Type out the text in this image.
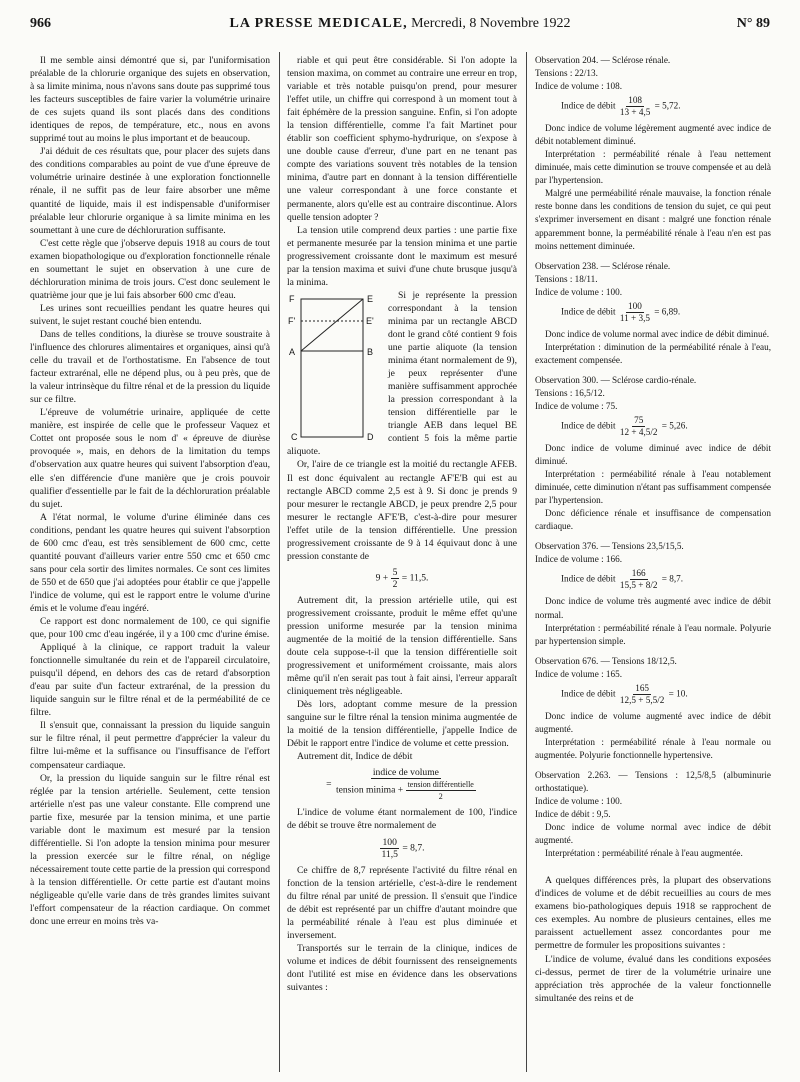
966	LA PRESSE MEDICALE, Mercredi, 8 Novembre 1922	N° 89

Il me semble ainsi démontré que si, par l'uniformisation préalable de la chlorurie organique des sujets en observation, à sa limite minima, nous n'avons sans doute pas supprimé tous les facteurs susceptibles de faire varier la volumétrie urinaire de ces sujets quand ils sont placés dans des conditions identiques de repos, de température, etc., nous en avons supprimé tout au moins le plus important et de beaucoup.

J'ai déduit de ces résultats que, pour placer des sujets dans des conditions comparables au point de vue d'une épreuve de volumétrie urinaire destinée à une exploration fonctionnelle rénale, il ne suffit pas de leur faire absorber une même quantité de liquide, mais il est indispensable d'uniformiser préalable leur chlorurie organique à sa limite minima en les soumettant à une cure de déchloruration suffisante.

C'est cette règle que j'observe depuis 1918 au cours de tout examen biopathologique ou d'exploration fonctionnelle rénale en soumettant le sujet en observation à une cure de déchloruration minima de trois jours. C'est donc seulement le quatrième jour que je lui fais absorber 600 cmc d'eau.

Les urines sont recueillies pendant les quatre heures qui suivent, le sujet restant couché bien entendu.

Dans de telles conditions, la diurèse se trouve soustraite à l'influence des chlorures alimentaires et organiques, ainsi qu'à celle du travail et de l'orthostatisme. En l'absence de tout facteur extrarénal, elle ne dépend plus, ou à peu près, que de la valeur intrinsèque du filtre rénal et de la pression du liquide sur ce filtre.

L'épreuve de volumétrie urinaire, appliquée de cette manière, est inspirée de celle que le professeur Vaquez et Cottet ont proposée sous le nom d' « épreuve de diurèse provoquée », mais, en dehors de la limitation du temps d'observation aux quatre heures qui suivent l'absorption d'eau, elle s'en différencie d'une manière que je crois pouvoir qualifier d'essentielle par le fait de la déchloruration préalable du sujet.

A l'état normal, le volume d'urine éliminée dans ces conditions, pendant les quatre heures qui suivent l'absorption de 600 cmc d'eau, est très sensiblement de 600 cmc, cette quantité pouvant d'ailleurs varier entre 550 cmc et 650 cmc sans pour cela sortir des limites normales. Ce sont ces limites de 550 et de 650 que j'ai adoptées pour établir ce que j'appelle l'indice de volume, qui est le rapport entre le volume d'urine émis et le volume d'eau ingéré.

Ce rapport est donc normalement de 100, ce qui signifie que, pour 100 cmc d'eau ingérée, il y a 100 cmc d'urine émise.

Appliqué à la clinique, ce rapport traduit la valeur fonctionnelle simultanée du rein et de l'appareil circulatoire, puisqu'il dépend, en dehors des cas de retard d'absorption d'eau par suite d'un facteur extrarénal, de la pression du liquide sanguin sur le filtre rénal et de la perméabilité de ce filtre.

Il s'ensuit que, connaissant la pression du liquide sanguin sur le filtre rénal, il peut permettre d'apprécier la valeur du filtre lui-même et la suffisance ou l'insuffisance de l'effort compensateur cardiaque.

Or, la pression du liquide sanguin sur le filtre rénal est réglée par la tension artérielle. Seulement, cette tension artérielle n'est pas une valeur constante. Elle comprend une partie fixe, mesurée par la tension minima, et une partie variable dont le maximum est mesuré par la tension différentielle. Si l'on adopte la tension minima pour mesurer la pression exercée sur le filtre rénal, on néglige nécessairement toute cette partie de la pression qui correspond à la tension différentielle. Or cette partie est d'autant moins négligeable qu'elle varie dans de très grandes limites suivant l'effort compensateur de la réaction cardiaque. On commet donc une erreur en moins très va-

riable et qui peut être considérable. Si l'on adopte la tension maxima, on commet au contraire une erreur en trop, variable et très notable puisqu'on prend, pour mesurer l'effet utile, un chiffre qui correspond à un moment tout à fait éphémère de la pression sanguine. Enfin, si l'on adopte la tension différentielle, comme l'a fait Martinet pour établir son coefficient sphymo-hydrurique, on s'expose à une double cause d'erreur, d'une part en ne tenant pas compte des variations souvent très notables de la tension minima, d'autre part en donnant à la tension différentielle une valeur correspondant à une force constante et permanente, alors qu'elle est au contraire discontinue. Alors quelle tension adopter ?

La tension utile comprend deux parties : une partie fixe et permanente mesurée par la tension minima et une partie progressivement croissante dont le maximum est mesuré par la tension maxima et suivi d'une chute brusque jusqu'à la minima.

F	E
F'	E'
A	B
C	D

Si je représente la pression correspondant à la tension minima par un rectangle ABCD dont le grand côté contient 9 fois une partie aliquote (la tension minima étant normalement de 9), je peux représenter d'une manière suffisamment approchée la pression correspondant à la tension différentielle par le triangle AEB dans lequel BE contient 5 fois la même partie aliquote.

Or, l'aire de ce triangle est la moitié du rectangle AFEB. Il est donc équivalent au rectangle AF'E'B qui est au rectangle ABCD comme 2,5 est à 9. Si donc je prends 9 pour mesurer le rectangle ABCD, je peux prendre 2,5 pour mesurer le rectangle AF'E'B, c'est-à-dire pour mesurer l'effet utile de la tension différentielle. Une pression progressivement croissante de 9 à 14 équivaut donc à une pression constante de

$9 + \frac{5}{2} = 11,5$.

Autrement dit, la pression artérielle utile, qui est progressivement croissante, produit le même effet qu'une pression uniforme mesurée par la tension minima augmentée de la moitié de la tension différentielle. Sans doute cela suppose-t-il que la tension différentielle soit progressivement et uniformément croissante, mais alors même qu'il n'en serait pas tout à fait ainsi, l'erreur apparaît cliniquement très négligeable.

Dès lors, adoptant comme mesure de la pression sanguine sur le filtre rénal la tension minima augmentée de la moitié de la tension différentielle, j'appelle Indice de Débit le rapport entre l'indice de volume et cette pression.

Autrement dit, Indice de débit

= $\frac{\text{indice de volume}}{tension minima + \frac{\text{tension différentielle}}{2}}$

L'indice de volume étant normalement de 100, l'indice de débit se trouve être normalement de

$\frac{100}{11,5} = 8,7$.

Ce chiffre de 8,7 représente l'activité du filtre rénal en fonction de la tension artérielle, c'est-à-dire le rendement du filtre rénal par unité de pression. Il s'ensuit que l'indice de débit est représenté par un chiffre d'autant moindre que la perméabilité rénale à l'eau est plus diminuée et inversement.

Transportés sur le terrain de la clinique, indices de volume et indices de débit fournissent des renseignements dont l'utilité est mise en évidence dans les observations suivantes :

Observation 204. — Sclérose rénale.

Tensions : 22/13.

Indice de volume : 108.

Indice de débit $\frac{108}{13 + 4,5} = 5,72$.

Donc indice de volume légèrement augmenté avec indice de débit notablement diminué.

Interprétation : perméabilité rénale à l'eau nettement diminuée, mais cette diminution se trouve compensée et au delà par l'hypertension.

Malgré une perméabilité rénale mauvaise, la fonction rénale reste bonne dans les conditions de tension du sujet, ce qui peut s'exprimer inversement en disant : malgré une fonction rénale apparemment bonne, la perméabilité rénale à l'eau n'en est pas moins nettement diminuée.

Observation 238. — Sclérose rénale.

Tensions : 18/11.

Indice de volume : 100.

Indice de débit $\frac{100}{11 + 3,5} = 6,89$.

Donc indice de volume normal avec indice de débit diminué.

Interprétation : diminution de la perméabilité rénale à l'eau, exactement compensée.

Observation 300. — Sclérose cardio-rénale.

Tensions : 16,5/12.

Indice de volume : 75.

Indice de débit $\frac{75}{12 + 4,5/2} = 5,26$.

Donc indice de volume diminué avec indice de débit diminué.

Interprétation : perméabilité rénale à l'eau notablement diminuée, cette diminution n'étant pas suffisamment compensée par l'hypertension.

Donc déficience rénale et insuffisance de compensation cardiaque.

Observation 376. — Tensions 23,5/15,5.

Indice de volume : 166.

Indice de débit $\frac{166}{15,5 + 8/2} = 8,7$.

Donc indice de volume très augmenté avec indice de débit normal.

Interprétation : perméabilité rénale à l'eau normale. Polyurie par hypertension simple.

Observation 676. — Tensions 18/12,5.

Indice de volume : 165.

Indice de débit $\frac{165}{12,5 + 5,5/2} = 10$.

Donc indice de volume augmenté avec indice de débit augmenté.

Interprétation : perméabilité rénale à l'eau normale ou augmentée. Polyurie fonctionnelle hypertensive.

Observation 2.263. — Tensions : 12,5/8,5 (albuminurie orthostatique).

Indice de volume : 100.

Indice de débit : 9,5.

Donc indice de volume normal avec indice de débit augmenté.

Interprétation : perméabilité rénale à l'eau augmentée.

A quelques différences près, la plupart des observations d'indices de volume et de débit recueillies au cours de mes examens bio-pathologiques depuis 1918 se rapprochent de ces exemples. Au nombre de plusieurs centaines, elles me paraissent actuellement assez concordantes pour me permettre de formuler les propositions suivantes :

L'indice de volume, évalué dans les conditions exposées ci-dessus, permet de tirer de la volumétrie urinaire une appréciation très approchée de la valeur fonctionnelle simultanée des reins et de
